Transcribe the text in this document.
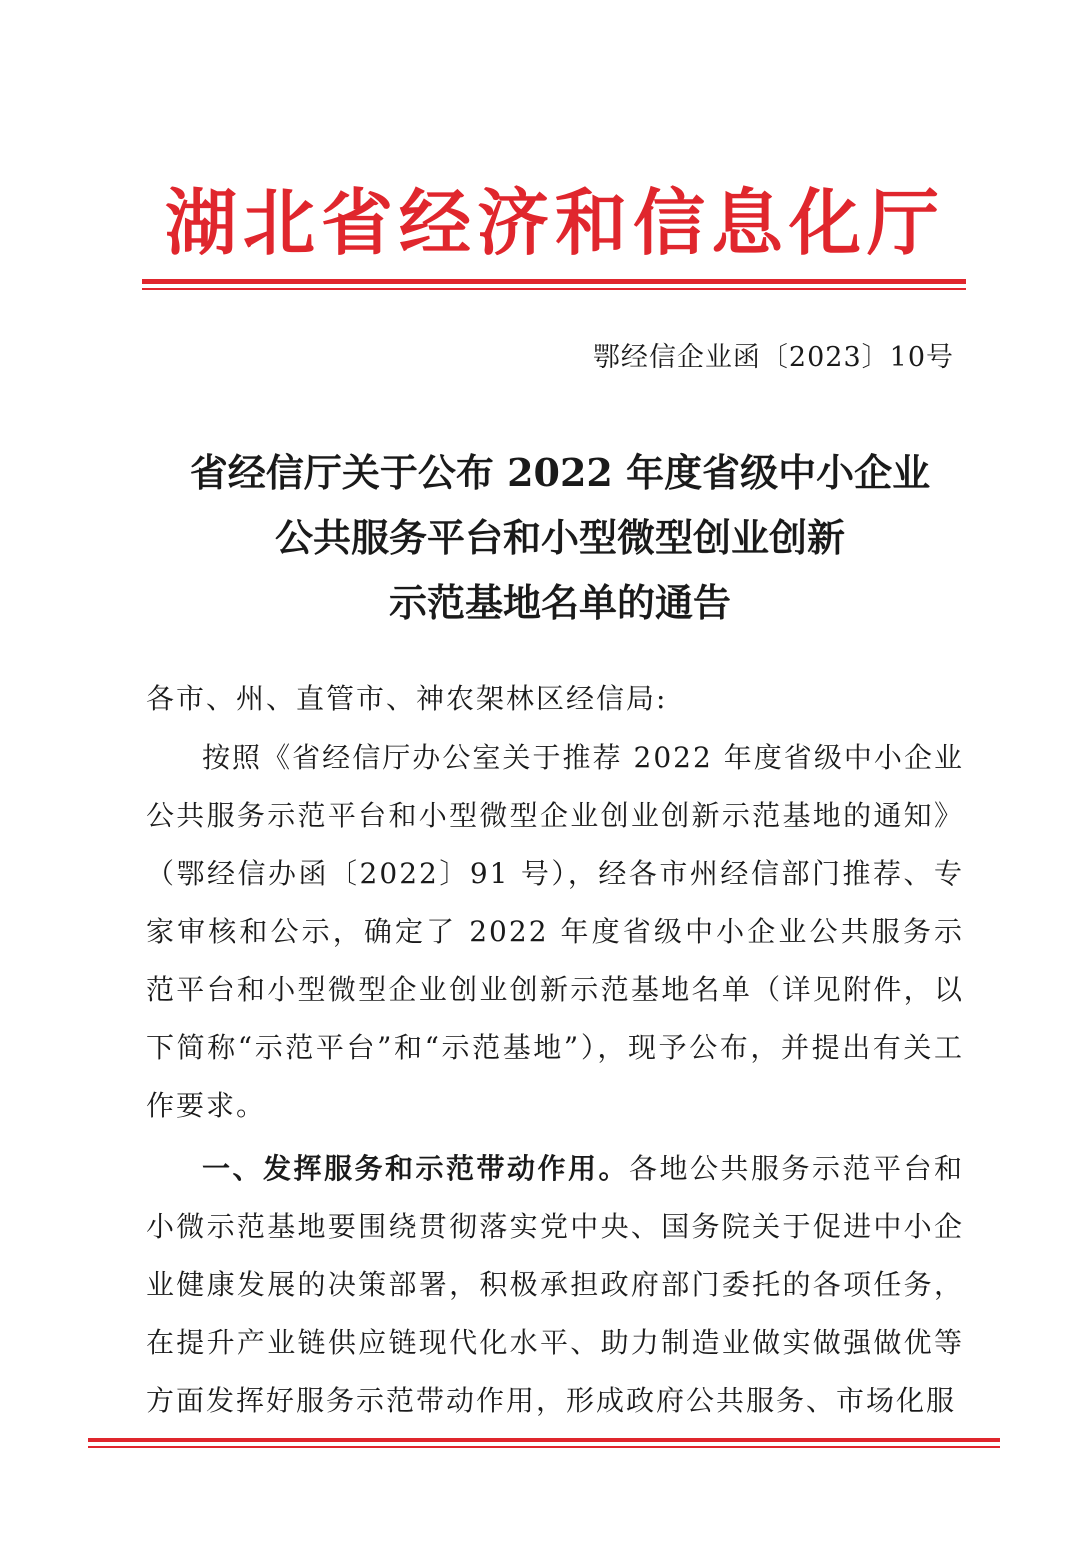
湖北省经济和信息化厅
鄂经信企业函〔2023〕10号
省经信厅关于公布 2022 年度省级中小企业
公共服务平台和小型微型创业创新
示范基地名单的通告
各市、州、直管市、神农架林区经信局:
按照《省经信厅办公室关于推荐 2022 年度省级中小企业公共服务示范平台和小型微型企业创业创新示范基地的通知》（鄂经信办函〔2022〕91 号），经各市州经信部门推荐、专家审核和公示，确定了 2022 年度省级中小企业公共服务示范平台和小型微型企业创业创新示范基地名单（详见附件，以下简称“示范平台”和“示范基地”），现予公布，并提出有关工作要求。
一、发挥服务和示范带动作用。各地公共服务示范平台和小微示范基地要围绕贯彻落实党中央、国务院关于促进中小企业健康发展的决策部署，积极承担政府部门委托的各项任务，在提升产业链供应链现代化水平、助力制造业做实做强做优等方面发挥好服务示范带动作用，形成政府公共服务、市场化服
